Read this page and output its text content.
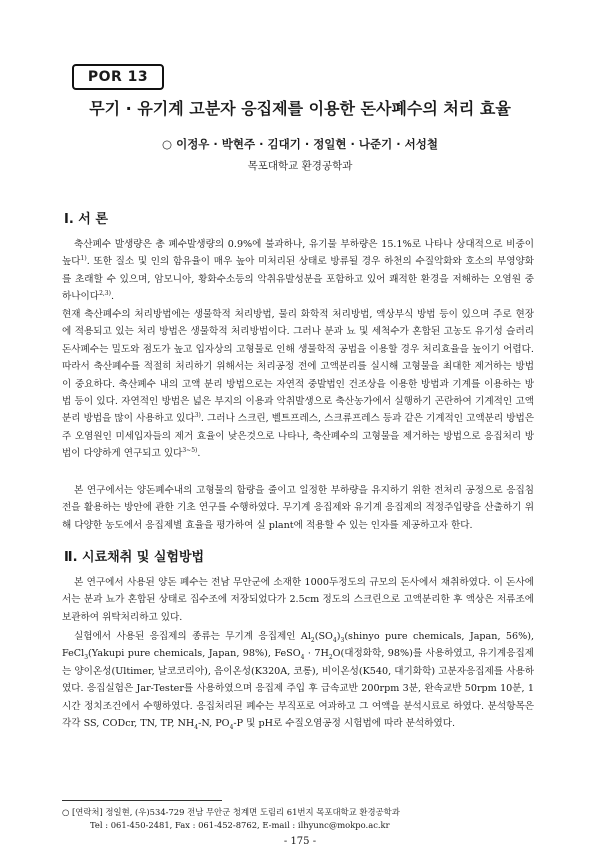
POR 13
무기 · 유기계 고분자 응집제를 이용한 돈사폐수의 처리 효율
○ 이정우 · 박현주 · 김대기 · 정일현 · 나준기 · 서성철
목포대학교 환경공학과
Ⅰ. 서 론

축산폐수 발생량은 총 폐수발생량의 0.9%에 불과하나, 유기물 부하량은 15.1%로 나타나 상대적으로 비중이 높다$^{1)}$. 또한 질소 및 인의 함유율이 매우 높아 미처리된 상태로 방류될 경우 하천의 수질악화와 호소의 부영양화를 초래할 수 있으며, 암모니아, 황화수소등의 악취유발성분을 포함하고 있어 쾌적한 환경을 저해하는 오염원 중 하나이다$^{2,3)}$.

현재 축산폐수의 처리방법에는 생물학적 처리방법, 물리 화학적 처리방법, 액상부식 방법 등이 있으며 주로 현장에 적용되고 있는 처리 방법은 생물학적 처리방법이다. 그러나 분과 뇨 및 세척수가 혼합된 고농도 유기성 슬러리 돈사폐수는 밀도와 점도가 높고 입자상의 고형물로 인해 생물학적 공법을 이용할 경우 처리효율을 높이기 어렵다. 따라서 축산폐수를 적절히 처리하기 위해서는 처리공정 전에 고액분리를 실시해 고형물을 최대한 제거하는 방법이 중요하다. 축산폐수 내의 고액 분리 방법으로는 자연적 중발법인 건조상을 이용한 방법과 기계를 이용하는 방법 등이 있다. 자연적인 방법은 넓은 부지의 이용과 악취발생으로 축산농가에서 실행하기 곤란하여 기계적인 고액분리 방법을 많이 사용하고 있다$^{3)}$. 그러나 스크린, 벨트프레스, 스크류프레스 등과 같은 기계적인 고액분리 방법은 주 오염원인 미세입자들의 제거 효율이 낮은것으로 나타나, 축산폐수의 고형물을 제거하는 방법으로 응집처리 방법이 다양하게 연구되고 있다$^{3\sim 5)}$.

본 연구에서는 양돈폐수내의 고형물의 함량을 줄이고 일정한 부하량을 유지하기 위한 전처리 공정으로 응집침전을 활용하는 방안에 관한 기초 연구를 수행하였다. 무기계 응집제와 유기계 응집제의 적정주입량을 산출하기 위해 다양한 농도에서 응집제별 효율을 평가하여 실 plant에 적용할 수 있는 인자를 제공하고자 한다.

Ⅱ. 시료채취 및 실험방법

본 연구에서 사용된 양돈 폐수는 전남 무안군에 소재한 1000두정도의 규모의 돈사에서 채취하였다. 이 돈사에서는 분과 뇨가 혼합된 상태로 집수조에 저장되었다가 2.5cm 정도의 스크린으로 고액분리한 후 액상은 저류조에 보관하여 위탁처리하고 있다.

실험에서 사용된 응집제의 종류는 무기계 응집제인 $Al_2(SO_4)_3(shinyo$ pure chemicals, Japan, 56%), FeCl$_3$(Yakupi pure chemicals, Japan, 98%), FeSO$_4$ · $7H_2O$(대정화학, 98%)를 사용하였고, 유기계응집제는 양이온성(Ultimer, 날코코리아), 음이온성(K320A, 코롱), 비이온성(K540, 대기화학) 고분자응집제를 사용하였다. 응집실험은 Jar-Tester를 사용하였으며 응집제 주입 후 급속교반 200rpm 3분, 완속교반 50rpm 10분, 1시간 정치조건에서 수행하였다. 응집처리된 폐수는 부직포로 여과하고 그 여액을 분석시료로 하였다. 분석항목은 각각 SS, CODcr, TN, TP, $NH_4-N$, $PO_4-P$ 및 pH로 수질오염공정 시험법에 따라 분석하였다.

○ [연락처] 정일현, (우)534-729 전남 무안군 청계면 도림리 61번지 목포대학교 환경공학과
Tel : 061-450-2481, Fax : 061-452-8762, E-mail : ilhyunc@mokpo.ac.kr
- 175 -
